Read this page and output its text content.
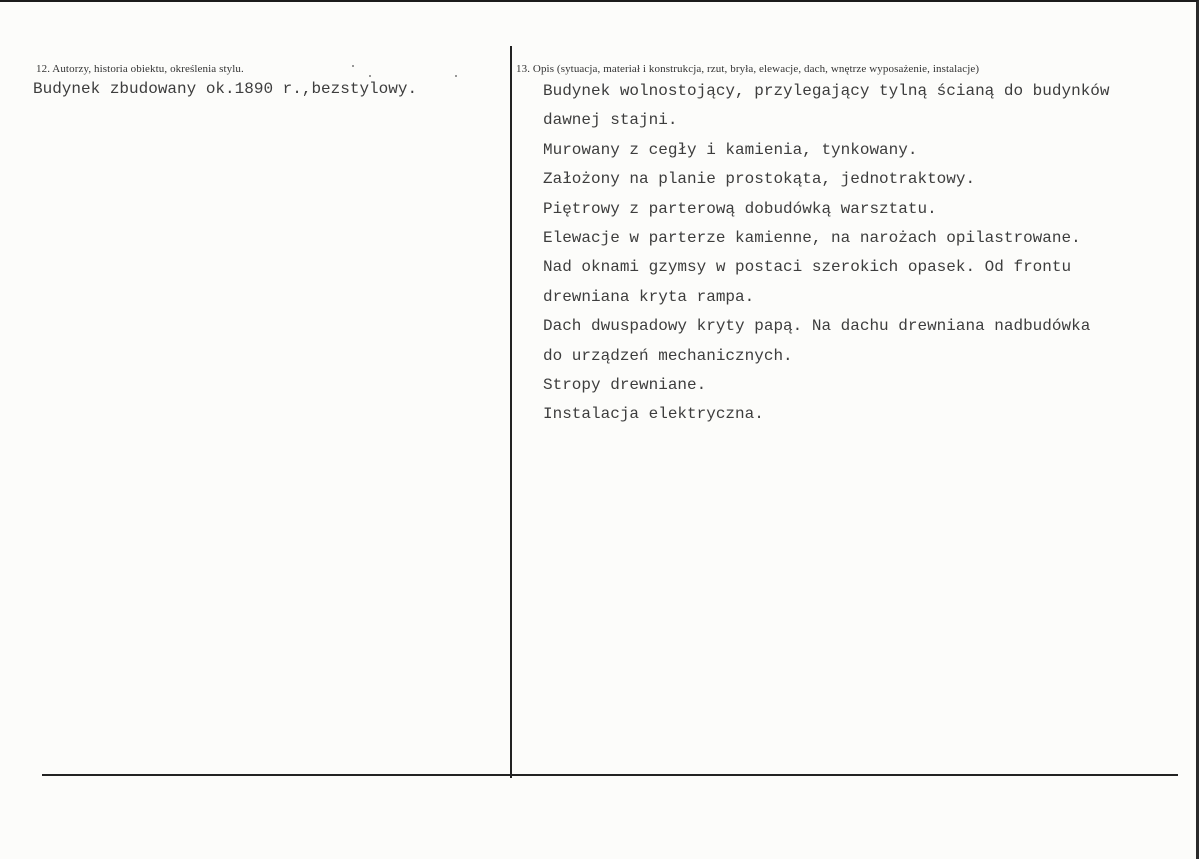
12. Autorzy, historia obiektu, określenia stylu.
Budynek zbudowany ok.1890 r.,bezstylowy.
13. Opis (sytuacja, materiał i konstrukcja, rzut, bryła, elewacje, dach, wnętrze wyposażenie, instalacje)
Budynek wolnostojący, przylegający tylną ścianą do budynków
dawnej stajni.
Murowany z cegły i kamienia, tynkowany.
Założony na planie prostokąta, jednotraktowy.
Piętrowy z parterową dobudówką warsztatu.
Elewacje w parterze kamienne, na narożach opilastrowane.
Nad oknami gzymsy w postaci szerokich opasek. Od frontu
drewniana kryta rampa.
Dach dwuspadowy kryty papą. Na dachu drewniana nadbudówka
do urządzeń mechanicznych.
Stropy drewniane.
Instalacja elektryczna.
